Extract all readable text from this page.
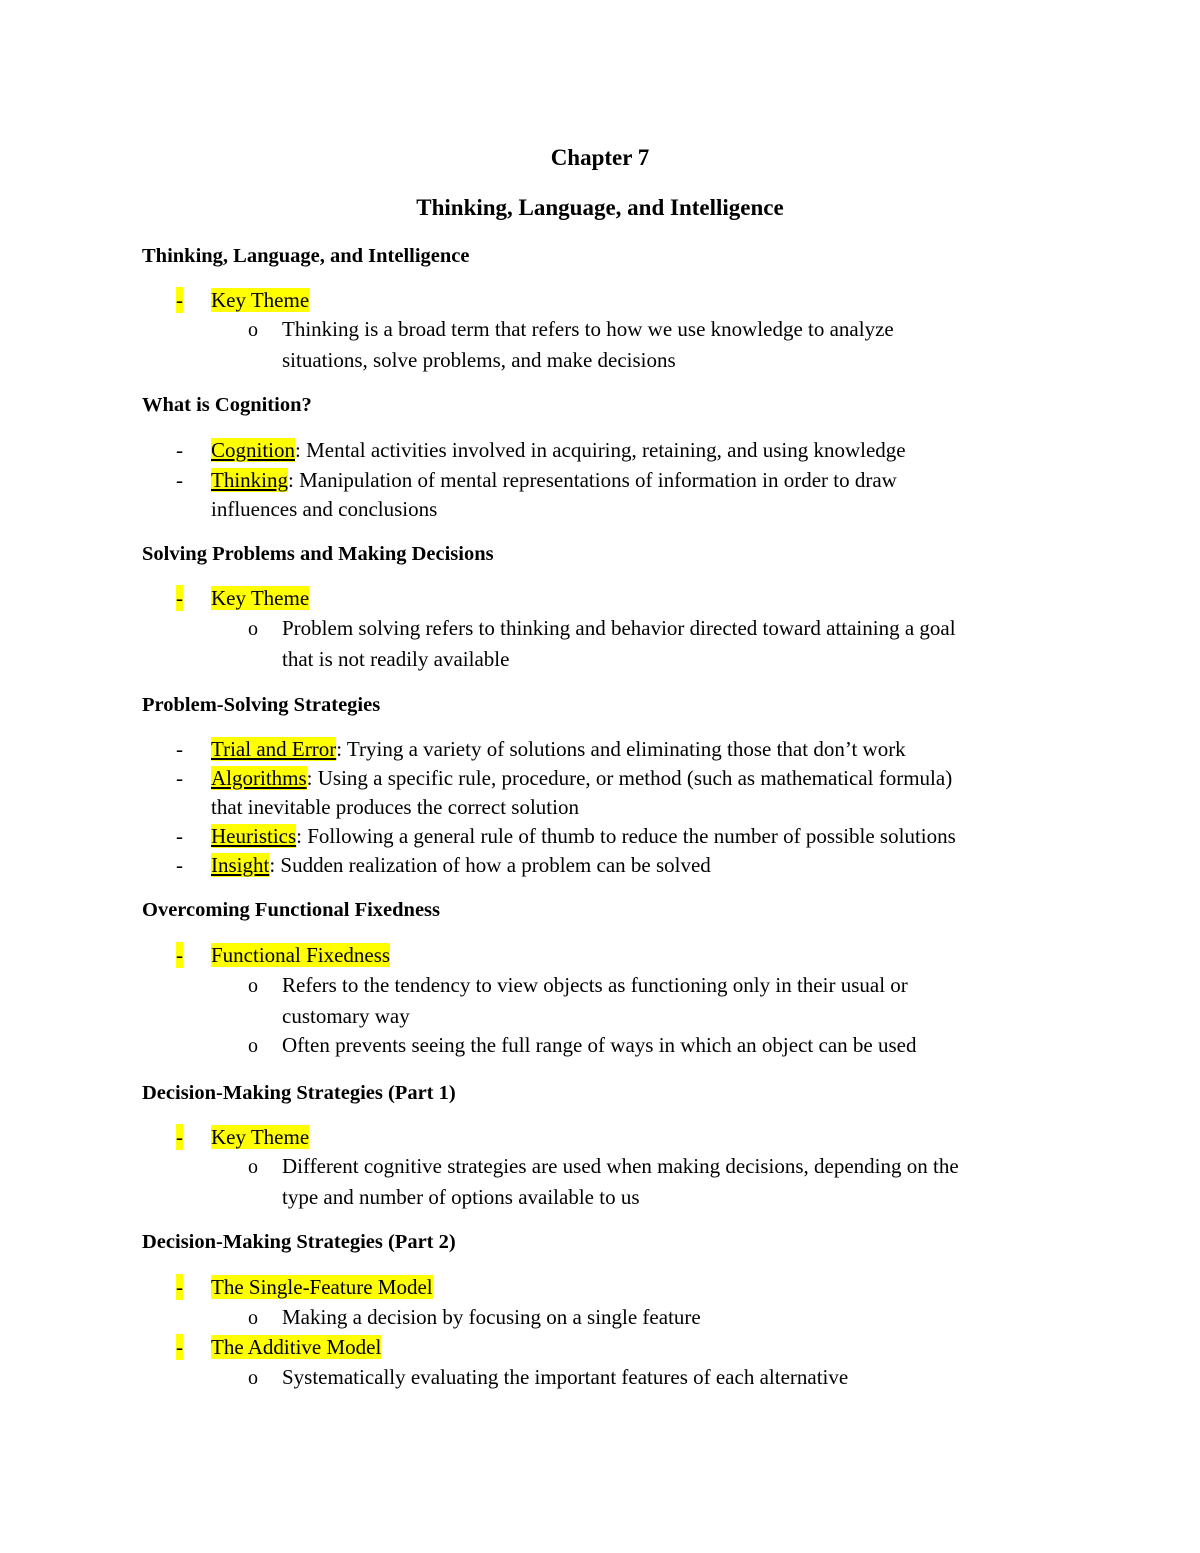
Chapter 7
Thinking, Language, and Intelligence
Thinking, Language, and Intelligence
- Key Theme
o Thinking is a broad term that refers to how we use knowledge to analyze
situations, solve problems, and make decisions
What is Cognition?
- Cognition: Mental activities involved in acquiring, retaining, and using knowledge
- Thinking: Manipulation of mental representations of information in order to draw
influences and conclusions
Solving Problems and Making Decisions
- Key Theme
o Problem solving refers to thinking and behavior directed toward attaining a goal
that is not readily available
Problem-Solving Strategies
- Trial and Error: Trying a variety of solutions and eliminating those that don’t work
- Algorithms: Using a specific rule, procedure, or method (such as mathematical formula)
that inevitable produces the correct solution
- Heuristics: Following a general rule of thumb to reduce the number of possible solutions
- Insight: Sudden realization of how a problem can be solved
Overcoming Functional Fixedness
- Functional Fixedness
o Refers to the tendency to view objects as functioning only in their usual or
customary way
o Often prevents seeing the full range of ways in which an object can be used
Decision-Making Strategies (Part 1)
- Key Theme
o Different cognitive strategies are used when making decisions, depending on the
type and number of options available to us
Decision-Making Strategies (Part 2)
- The Single-Feature Model
o Making a decision by focusing on a single feature
- The Additive Model
o Systematically evaluating the important features of each alternative
